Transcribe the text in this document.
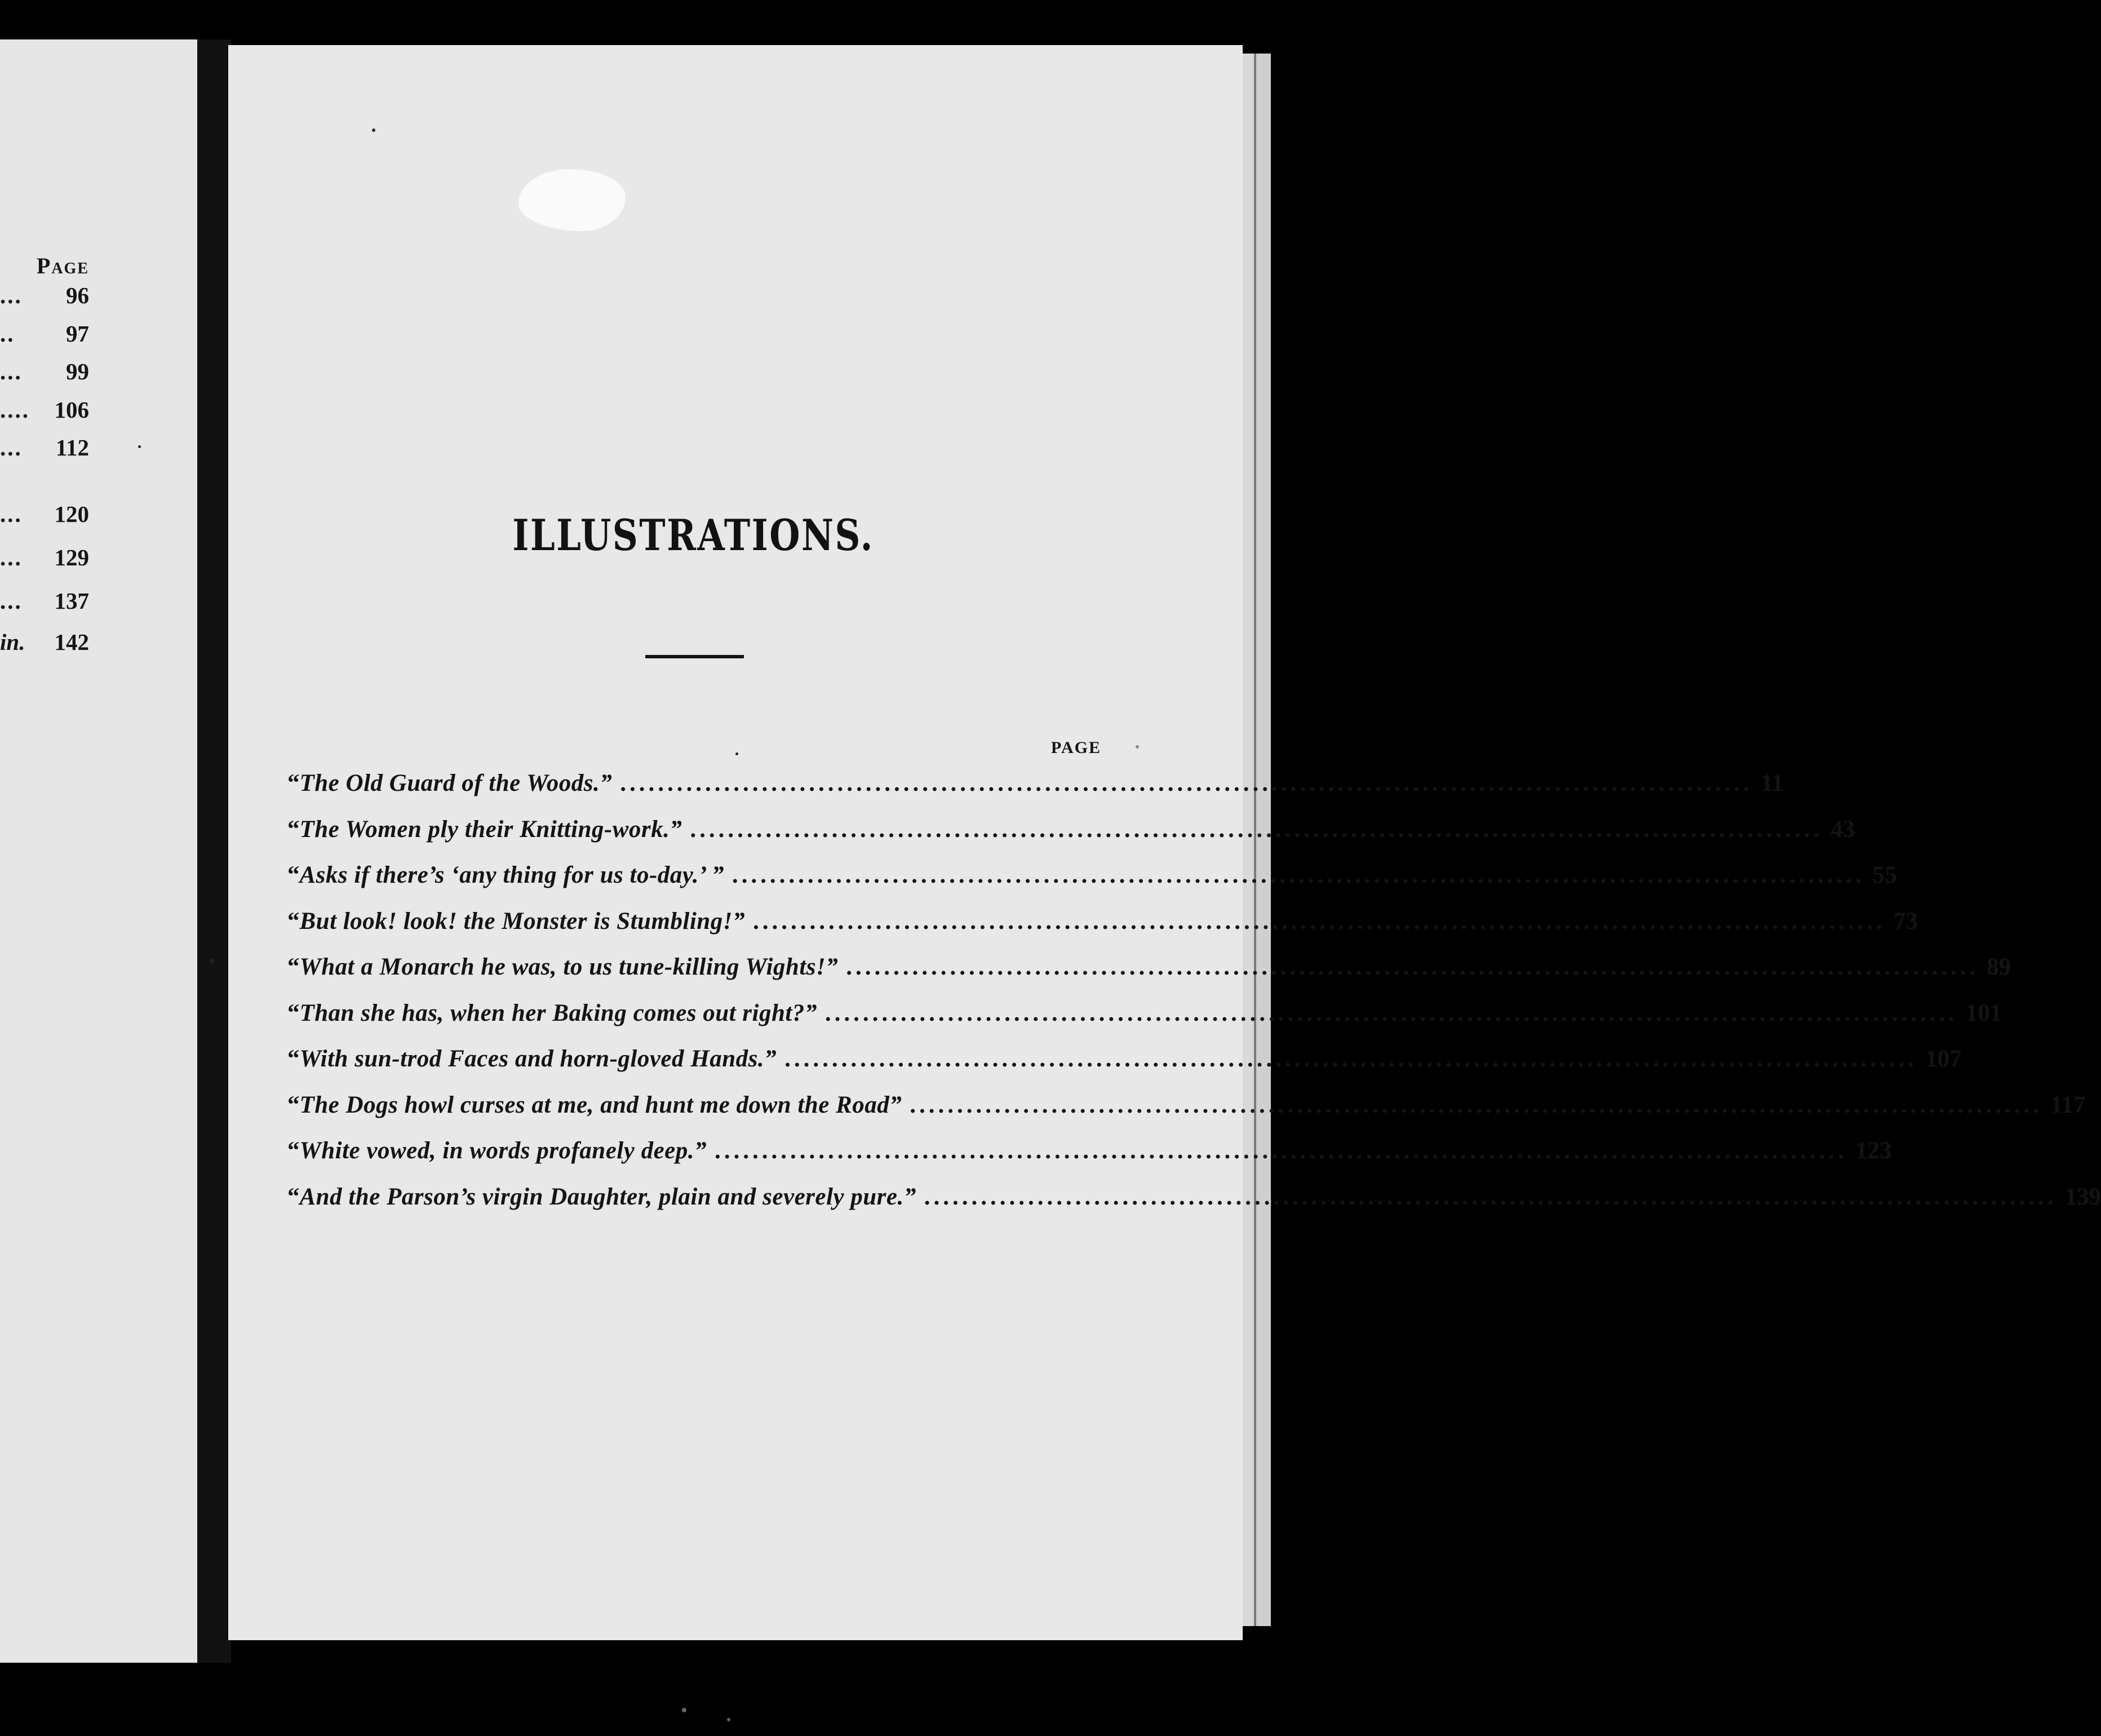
Page
... 96
.. 97
... 99
.... 106
... 112
... 120
... 129
... 137
in. 142
ILLUSTRATIONS.
PAGE
“ The Old Guard of the Woods.” ........................................................................................................................ 11
“ The Women ply their Knitting-work.” ........................................................................................................................ 43
“ Asks if there’s ‘any thing for us to-day.’ ” ........................................................................................................................ 55
“ But look! look! the Monster is Stumbling!” ........................................................................................................................ 73
“ What a Monarch he was, to us tune-killing Wights!” ........................................................................................................................ 89
“ Than she has, when her Baking comes out right?” ........................................................................................................................ 101
“ With sun-trod Faces and horn-gloved Hands.” ........................................................................................................................ 107
“ The Dogs howl curses at me, and hunt me down the Road” ........................................................................................................................ 117
“ White vowed, in words profanely deep.” ........................................................................................................................ 123
“ And the Parson’s virgin Daughter, plain and severely pure.” ........................................................................................................................ 139
